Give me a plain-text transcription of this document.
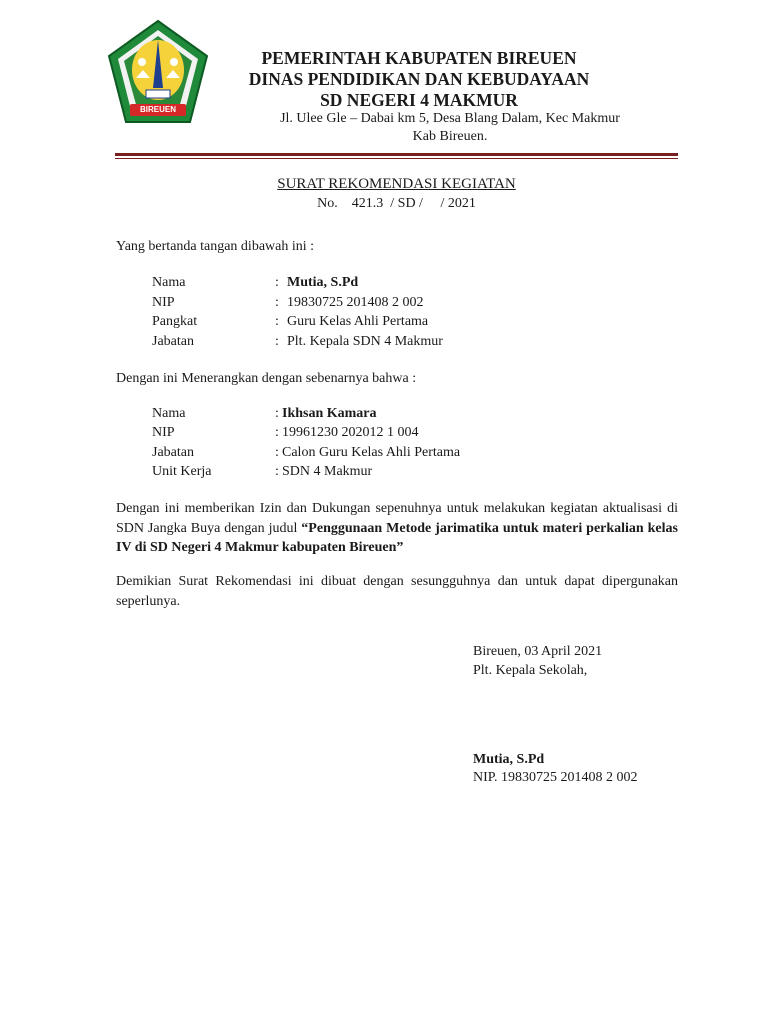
BIREUEN
PEMERINTAH KABUPATEN BIREUEN
DINAS PENDIDIKAN DAN KEBUDAYAAN
SD NEGERI 4 MAKMUR
Jl. Ulee Gle – Dabai km 5, Desa Blang Dalam, Kec Makmur
Kab Bireuen.
SURAT REKOMENDASI KEGIATAN
No.    421.3  / SD /     / 2021
Yang bertanda tangan dibawah ini :
Nama	: Mutia, S.Pd
NIP	: 19830725 201408 2 002
Pangkat	: Guru Kelas Ahli Pertama
Jabatan	: Plt. Kepala SDN 4 Makmur
Dengan ini Menerangkan dengan sebenarnya bahwa :
Nama	: Ikhsan Kamara
NIP	: 19961230 202012 1 004
Jabatan	: Calon Guru Kelas Ahli Pertama
Unit Kerja	: SDN 4 Makmur
Dengan ini memberikan Izin dan Dukungan sepenuhnya untuk melakukan kegiatan aktualisasi di SDN Jangka Buya dengan judul “Penggunaan Metode jarimatika untuk materi perkalian kelas IV di SD Negeri 4 Makmur kabupaten Bireuen”
Demikian Surat Rekomendasi ini dibuat dengan sesungguhnya dan untuk dapat dipergunakan seperlunya.
Bireuen, 03 April 2021
Plt. Kepala Sekolah,
Mutia, S.Pd
NIP. 19830725 201408 2 002
